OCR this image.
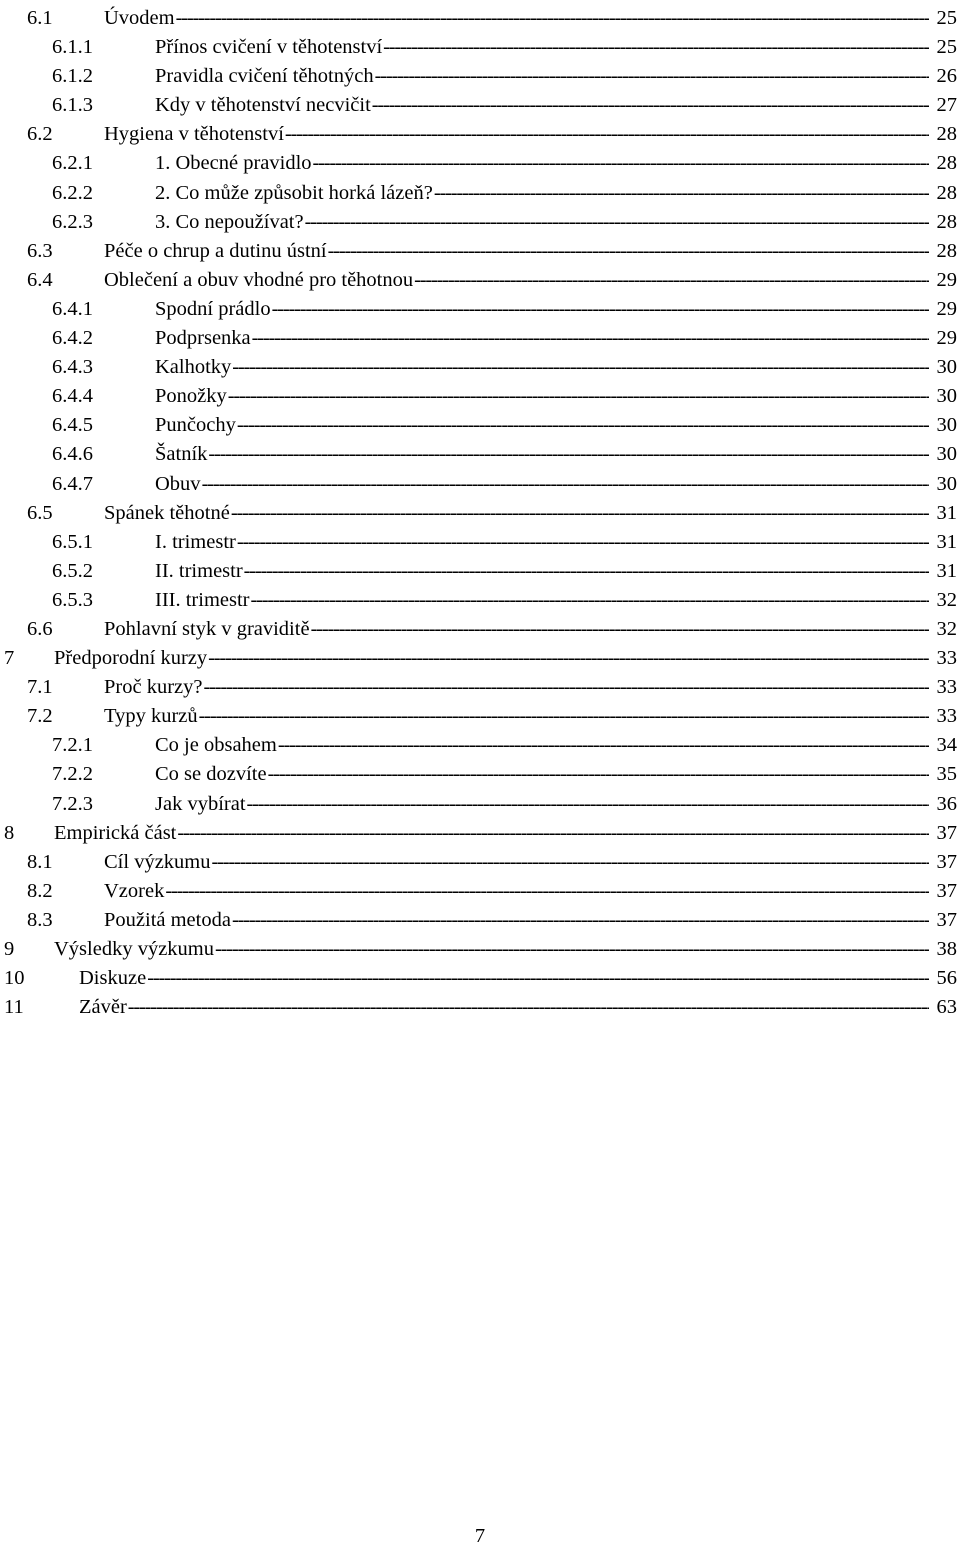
6.1	Úvodem -----	25
6.1.1	Přínos cvičení v těhotenství -----	25
6.1.2	Pravidla cvičení těhotných -----	26
6.1.3	Kdy v těhotenství necvičit -----	27
6.2	Hygiena v těhotenství -----	28
6.2.1	1. Obecné pravidlo -----	28
6.2.2	2. Co může způsobit horká lázeň? -----	28
6.2.3	3. Co nepoužívat? -----	28
6.3	Péče o chrup a dutinu ústní -----	28
6.4	Oblečení a obuv vhodné pro těhotnou -----	29
6.4.1	Spodní prádlo -----	29
6.4.2	Podprsenka -----	29
6.4.3	Kalhotky -----	30
6.4.4	Ponožky -----	30
6.4.5	Punčochy -----	30
6.4.6	Šatník -----	30
6.4.7	Obuv -----	30
6.5	Spánek těhotné -----	31
6.5.1	I. trimestr -----	31
6.5.2	II. trimestr -----	31
6.5.3	III. trimestr -----	32
6.6	Pohlavní styk v graviditě -----	32
7 Předporodní kurzy -----	33
7.1	Proč kurzy? -----	33
7.2	Typy kurzů -----	33
7.2.1	Co je obsahem -----	34
7.2.2	Co se dozvíte -----	35
7.2.3	Jak vybírat -----	36
8 Empirická část -----	37
8.1	Cíl výzkumu -----	37
8.2	Vzorek -----	37
8.3	Použitá metoda -----	37
9 Výsledky výzkumu -----	38
10	Diskuze -----	56
11	Závěr -----	63
7
